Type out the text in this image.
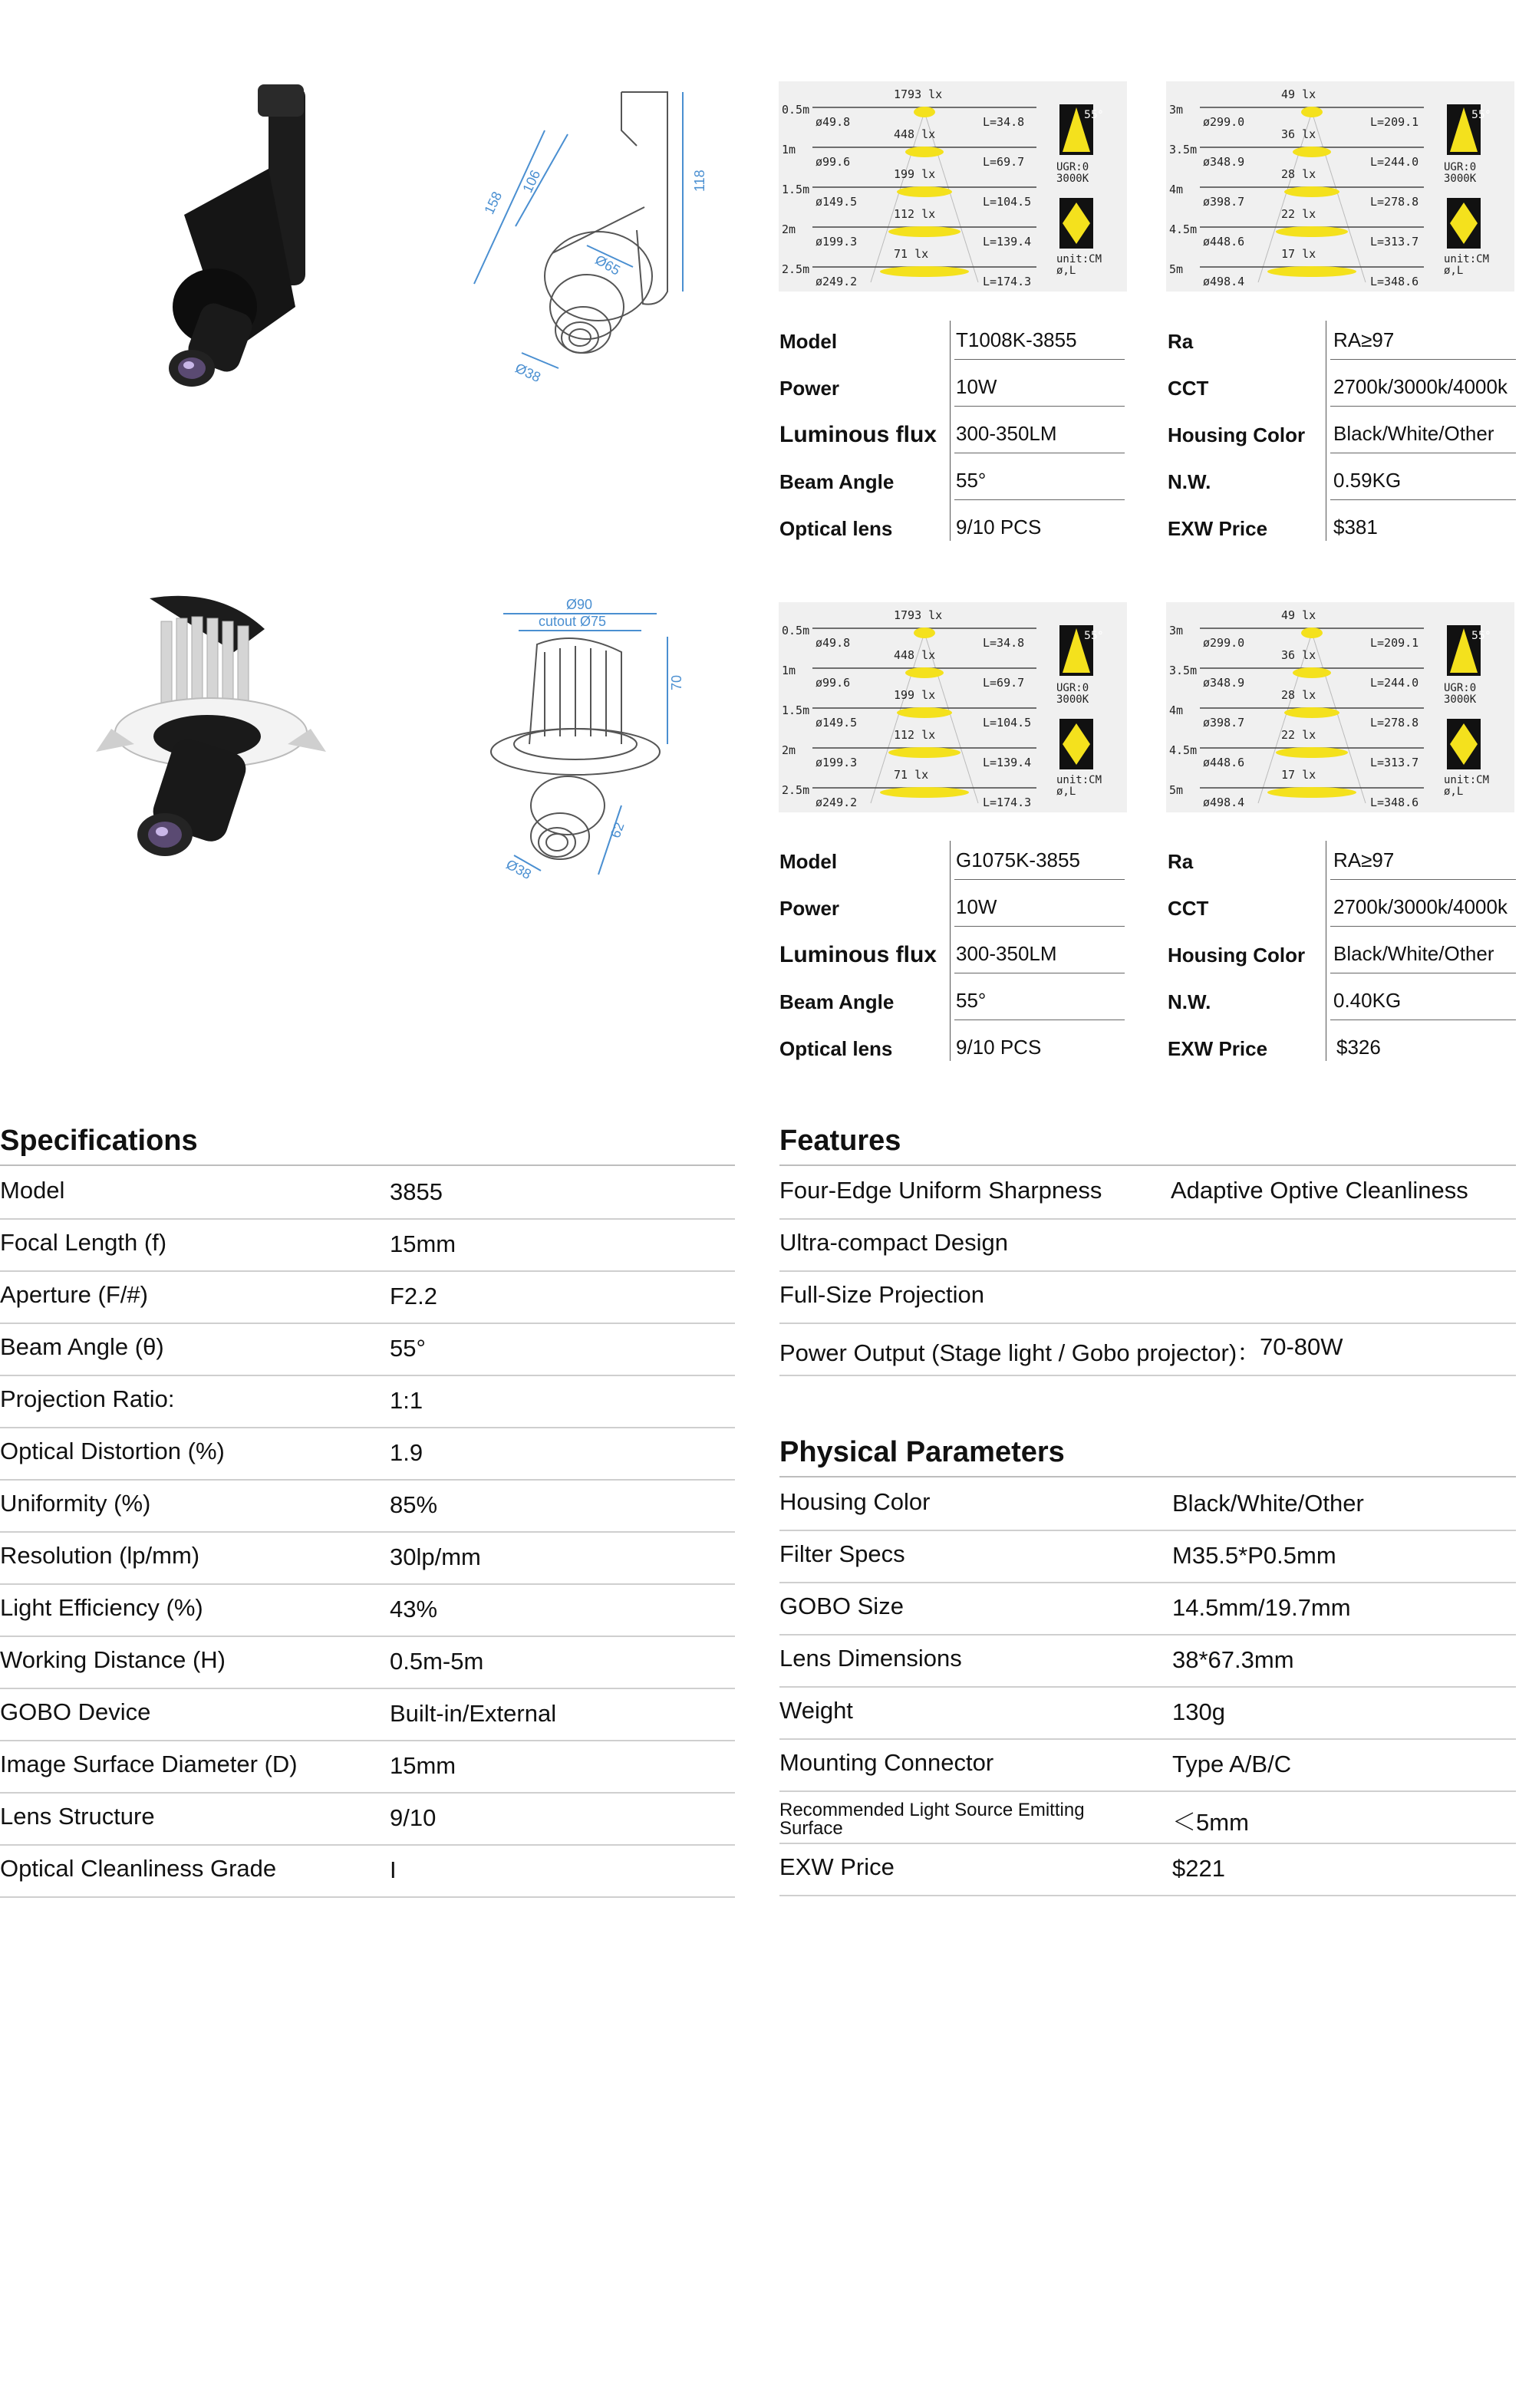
158
106
Ø65
Ø38
118
Ø90
cutout Ø75
70
62
Ø38
1793 lx
0.5m
ø49.8	L=34.8
448 lx
1m
ø99.6	L=69.7
199 lx
1.5m
ø149.5	L=104.5
112 lx
2m
ø199.3	L=139.4
71 lx
2.5m
ø249.2	L=174.3
55°
UGR:0
3000K
unit:CM
ø,L
49 lx
3m
ø299.0	L=209.1
36 lx
3.5m
ø348.9	L=244.0
28 lx
4m
ø398.7	L=278.8
22 lx
4.5m
ø448.6	L=313.7
17 lx
5m
ø498.4	L=348.6
55°
UGR:0
3000K
unit:CM
ø,L
1793 lx
0.5m
ø49.8	L=34.8
448 lx
1m
ø99.6	L=69.7
199 lx
1.5m
ø149.5	L=104.5
112 lx
2m
ø199.3	L=139.4
71 lx
2.5m
ø249.2	L=174.3
55°
UGR:0
3000K
unit:CM
ø,L
49 lx
3m
ø299.0	L=209.1
36 lx
3.5m
ø348.9	L=244.0
28 lx
4m
ø398.7	L=278.8
22 lx
4.5m
ø448.6	L=313.7
17 lx
5m
ø498.4	L=348.6
55°
UGR:0
3000K
unit:CM
ø,L
Model	T1008K-3855
Power	10W
Luminous flux 300-350LM
Beam Angle	55°
Optical lens	9/10 PCS
Ra	RA≥97
CCT	2700k/3000k/4000k
Housing Color Black/White/Other
N.W.	0.59KG
EXW Price	$381
Model	G1075K-3855
Power	10W
Luminous flux 300-350LM
Beam Angle	55°
Optical lens	9/10 PCS
Ra	RA≥97
CCT	2700k/3000k/4000k
Housing Color Black/White/Other
N.W.	0.40KG
EXW Price	$326
Specifications
Model	3855
Focal Length (f)	15mm
Aperture (F/#)	F2.2
Beam Angle (θ)	55°
Projection Ratio:	1:1
Optical Distortion (%)	1.9
Uniformity (%)	85%
Resolution (lp/mm)	30lp/mm
Light Efficiency (%)	43%
Working Distance (H)	0.5m-5m
GOBO Device	Built-in/External
Image Surface Diameter (D)	15mm
Lens Structure	9/10
Optical Cleanliness Grade	I
Features
Four-Edge Uniform Sharpness	Adaptive Optive Cleanliness
Ultra-compact Design
Full-Size Projection
Power Output (Stage light / Gobo projector)：
70-80W
Physical Parameters
Housing Color	Black/White/Other
Filter Specs	M35.5*P0.5mm
GOBO Size	14.5mm/19.7mm
Lens Dimensions	38*67.3mm
Weight	130g
Mounting Connector	Type A/B/C
Recommended Light Source Emitting Surface	＜5mm
EXW Price	$221
